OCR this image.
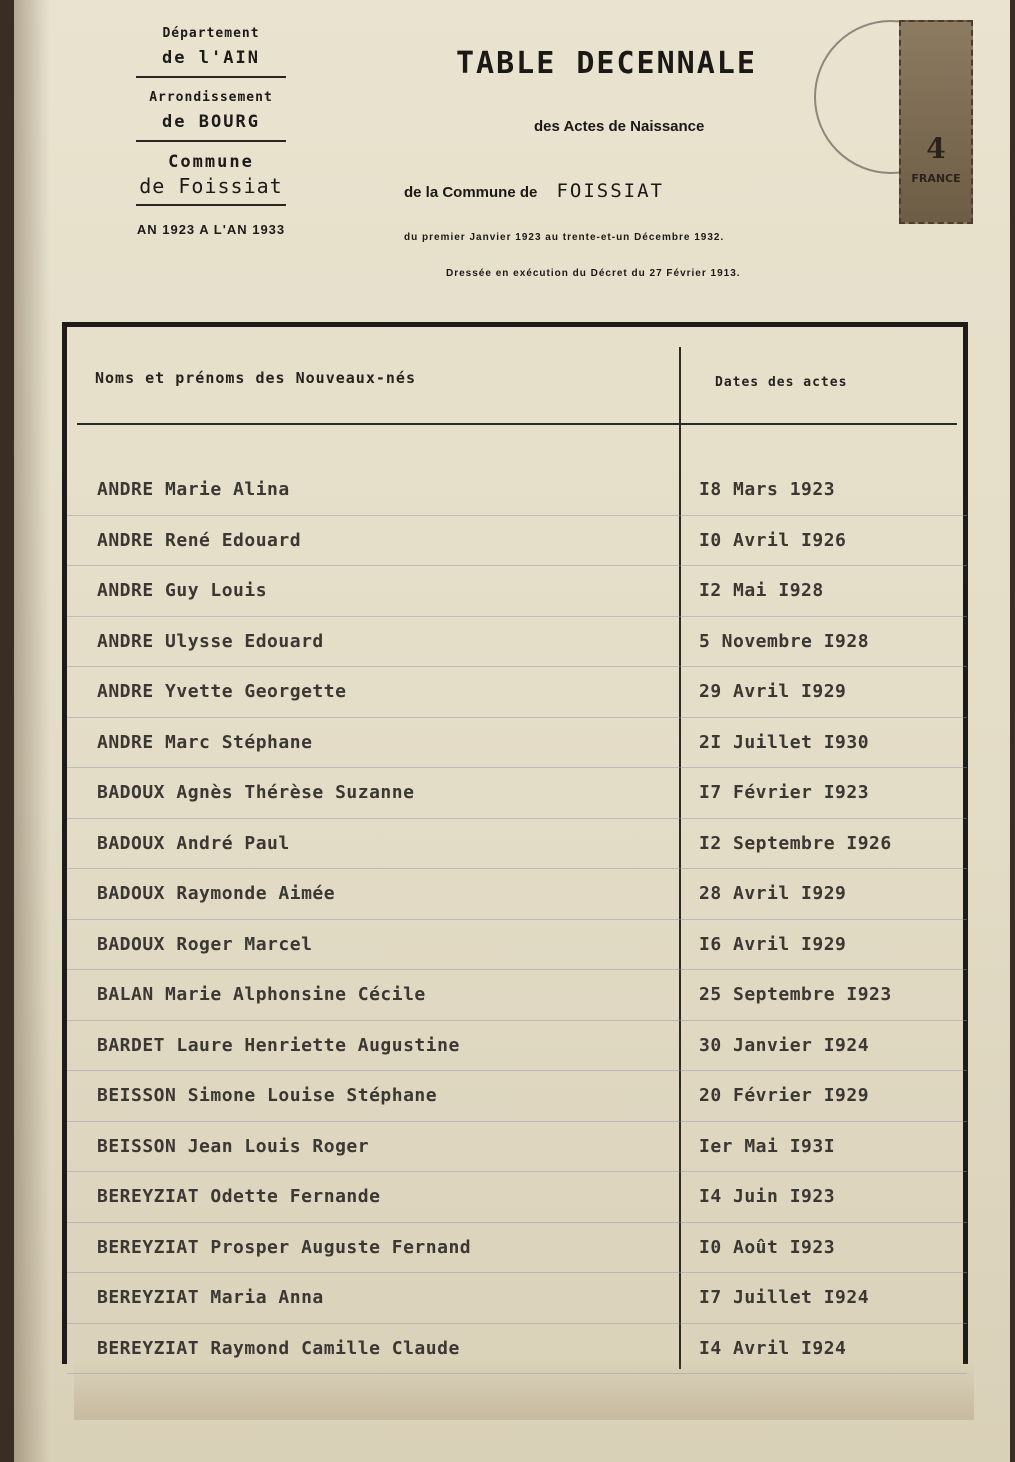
Département
de l'AIN
Arrondissement
de BOURG
Commune
de Foissiat
AN 1923 A L'AN 1933
TABLE DECENNALE
des Actes de Naissance
de la Commune de FOISSIAT
du premier Janvier 1923 au trente-et-un Décembre 1932.
Dressée en exécution du Décret du 27 Février 1913.
4
FRANCE
Noms et prénoms des Nouveaux-nés	Dates des actes
ANDRE Marie Alina	I8 Mars 1923
ANDRE René Edouard	I0 Avril I926
ANDRE Guy Louis	I2 Mai I928
ANDRE Ulysse Edouard	5 Novembre I928
ANDRE Yvette Georgette	29 Avril I929
ANDRE Marc Stéphane	2I Juillet I930
BADOUX Agnès Thérèse Suzanne	I7 Février I923
BADOUX André Paul	I2 Septembre I926
BADOUX Raymonde Aimée	28 Avril I929
BADOUX Roger Marcel	I6 Avril I929
BALAN Marie Alphonsine Cécile	25 Septembre I923
BARDET Laure Henriette Augustine	30 Janvier I924
BEISSON Simone Louise Stéphane	20 Février I929
BEISSON Jean Louis Roger	Ier Mai I93I
BEREYZIAT Odette Fernande	I4 Juin I923
BEREYZIAT Prosper Auguste Fernand	I0 Août I923
BEREYZIAT Maria Anna	I7 Juillet I924
BEREYZIAT Raymond Camille Claude	I4 Avril I924
